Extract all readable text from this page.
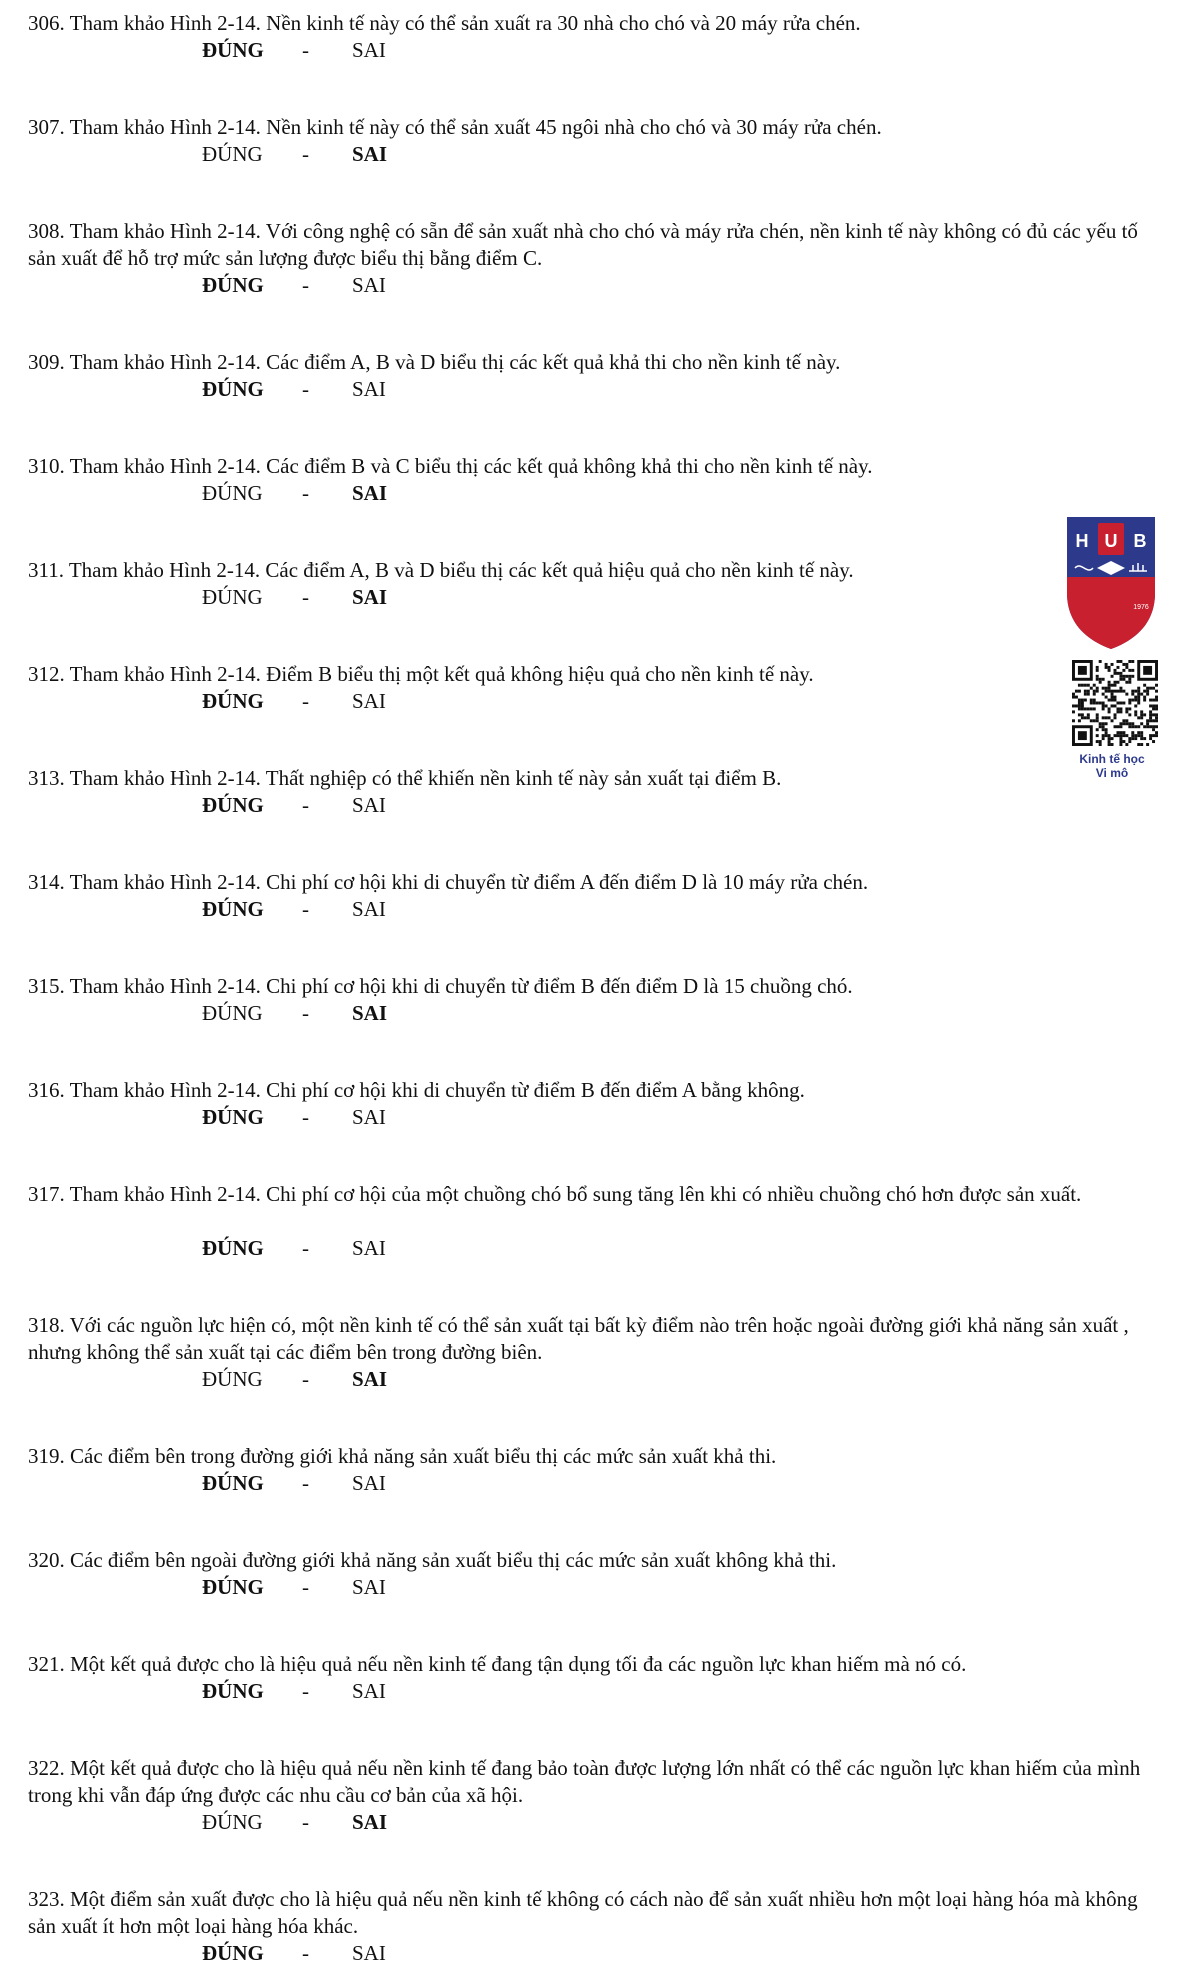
306. Tham khảo Hình 2-14. Nền kinh tế này có thể sản xuất ra 30 nhà cho chó và 20 máy rửa chén.
ĐÚNG - SAI
307. Tham khảo Hình 2-14. Nền kinh tế này có thể sản xuất 45 ngôi nhà cho chó và 30 máy rửa chén.
ĐÚNG - SAI
308. Tham khảo Hình 2-14. Với công nghệ có sẵn để sản xuất nhà cho chó và máy rửa chén, nền kinh tế này không có đủ các yếu tố sản xuất để hỗ trợ mức sản lượng được biểu thị bằng điểm C.
ĐÚNG - SAI
309. Tham khảo Hình 2-14. Các điểm A, B và D biểu thị các kết quả khả thi cho nền kinh tế này.
ĐÚNG - SAI
310. Tham khảo Hình 2-14. Các điểm B và C biểu thị các kết quả không khả thi cho nền kinh tế này.
ĐÚNG - SAI
311. Tham khảo Hình 2-14. Các điểm A, B và D biểu thị các kết quả hiệu quả cho nền kinh tế này.
ĐÚNG - SAI
312. Tham khảo Hình 2-14. Điểm B biểu thị một kết quả không hiệu quả cho nền kinh tế này.
ĐÚNG - SAI
313. Tham khảo Hình 2-14. Thất nghiệp có thể khiến nền kinh tế này sản xuất tại điểm B.
ĐÚNG - SAI
314. Tham khảo Hình 2-14. Chi phí cơ hội khi di chuyển từ điểm A đến điểm D là 10 máy rửa chén.
ĐÚNG - SAI
315. Tham khảo Hình 2-14. Chi phí cơ hội khi di chuyển từ điểm B đến điểm D là 15 chuồng chó.
ĐÚNG - SAI
316. Tham khảo Hình 2-14. Chi phí cơ hội khi di chuyển từ điểm B đến điểm A bằng không.
ĐÚNG - SAI
317. Tham khảo Hình 2-14. Chi phí cơ hội của một chuồng chó bổ sung tăng lên khi có nhiều chuồng chó hơn được sản xuất.
ĐÚNG - SAI
318. Với các nguồn lực hiện có, một nền kinh tế có thể sản xuất tại bất kỳ điểm nào trên hoặc ngoài đường giới khả năng sản xuất , nhưng không thể sản xuất tại các điểm bên trong đường biên.
ĐÚNG - SAI
319. Các điểm bên trong đường giới khả năng sản xuất biểu thị các mức sản xuất khả thi.
ĐÚNG - SAI
320. Các điểm bên ngoài đường giới khả năng sản xuất biểu thị các mức sản xuất không khả thi.
ĐÚNG - SAI
321. Một kết quả được cho là hiệu quả nếu nền kinh tế đang tận dụng tối đa các nguồn lực khan hiếm mà nó có.
ĐÚNG - SAI
322. Một kết quả được cho là hiệu quả nếu nền kinh tế đang bảo toàn được lượng lớn nhất có thể các nguồn lực khan hiếm của mình trong khi vẫn đáp ứng được các nhu cầu cơ bản của xã hội.
ĐÚNG - SAI
323. Một điểm sản xuất được cho là hiệu quả nếu nền kinh tế không có cách nào để sản xuất nhiều hơn một loại hàng hóa mà không sản xuất ít hơn một loại hàng hóa khác.
ĐÚNG - SAI
H U B
1976
Kinh tế học
Vi mô
